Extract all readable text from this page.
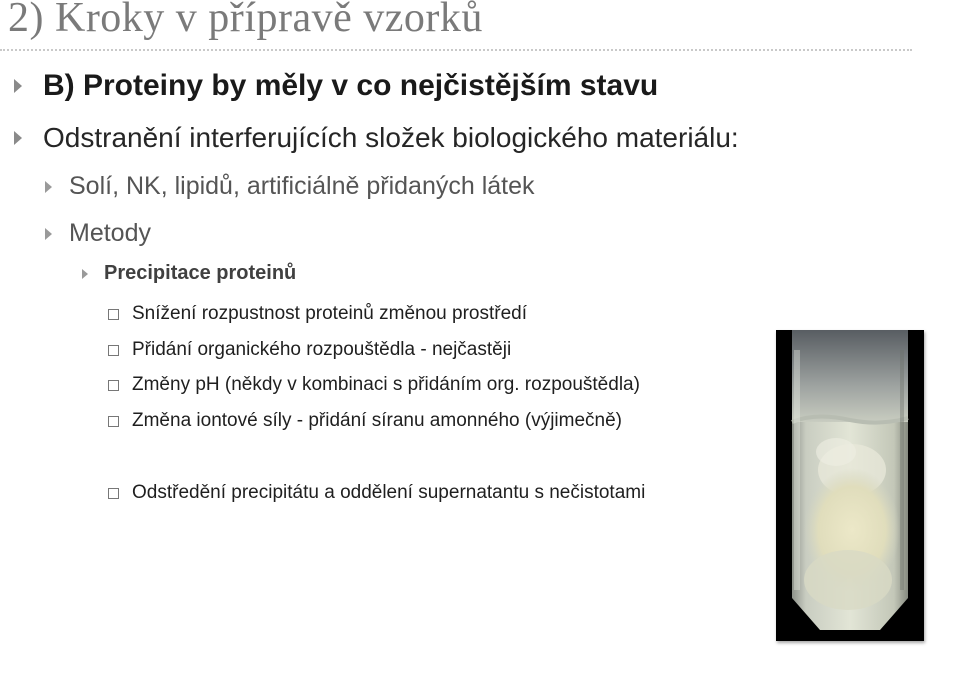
2) Kroky v přípravě vzorků
B) Proteiny by měly v co nejčistějším stavu
Odstranění interferujících složek biologického materiálu:
Solí, NK, lipidů, artificiálně přidaných látek
Metody
Precipitace proteinů
Snížení rozpustnost proteinů změnou prostředí
Přidání organického rozpouštědla - nejčastěji
Změny pH (někdy v kombinaci s přidáním org. rozpouštědla)
Změna iontové síly - přidání síranu amonného (výjimečně)
Odstředění precipitátu a oddělení supernatantu s nečistotami
